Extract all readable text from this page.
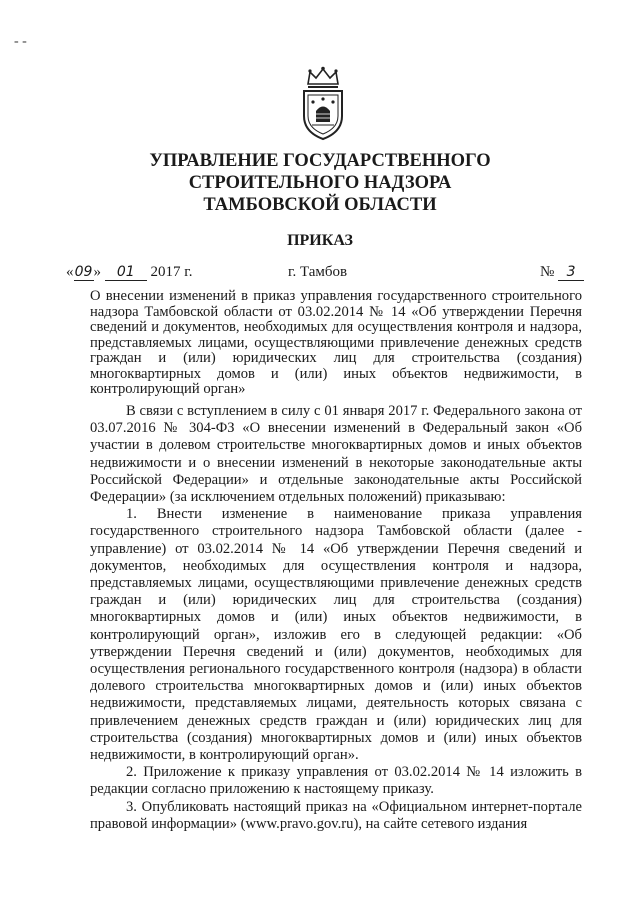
- -
УПРАВЛЕНИЕ ГОСУДАРСТВЕННОГО
СТРОИТЕЛЬНОГО НАДЗОРА
ТАМБОВСКОЙ ОБЛАСТИ
ПРИКАЗ
«09» 01 2017 г.	г. Тамбов	№ 3
О внесении изменений в приказ управления государственного строительного надзора Тамбовской области от 03.02.2014 № 14 «Об утверждении Перечня сведений и документов, необходимых для осуществления контроля и надзора, представляемых лицами, осуществляющими привлечение денежных средств граждан и (или) юридических лиц для строительства (создания) многоквартирных домов и (или) иных объектов недвижимости, в контролирующий орган»

В связи с вступлением в силу с 01 января 2017 г. Федерального закона от 03.07.2016 № 304-ФЗ «О внесении изменений в Федеральный закон «Об участии в долевом строительстве многоквартирных домов и иных объектов недвижимости и о внесении изменений в некоторые законодательные акты Российской Федерации» и отдельные законодательные акты Российской Федерации» (за исключением отдельных положений) приказываю:

1. Внести изменение в наименование приказа управления государственного строительного надзора Тамбовской области (далее - управление) от 03.02.2014 № 14 «Об утверждении Перечня сведений и документов, необходимых для осуществления контроля и надзора, представляемых лицами, осуществляющими привлечение денежных средств граждан и (или) юридических лиц для строительства (создания) многоквартирных домов и (или) иных объектов недвижимости, в контролирующий орган», изложив его в следующей редакции: «Об утверждении Перечня сведений и (или) документов, необходимых для осуществления регионального государственного контроля (надзора) в области долевого строительства многоквартирных домов и (или) иных объектов недвижимости, представляемых лицами, деятельность которых связана с привлечением денежных средств граждан и (или) юридических лиц для строительства (создания) многоквартирных домов и (или) иных объектов недвижимости, в контролирующий орган».

2. Приложение к приказу управления от 03.02.2014 № 14 изложить в редакции согласно приложению к настоящему приказу.

3. Опубликовать настоящий приказ на «Официальном интернет-портале правовой информации» (www.pravo.gov.ru), на сайте сетевого издания
